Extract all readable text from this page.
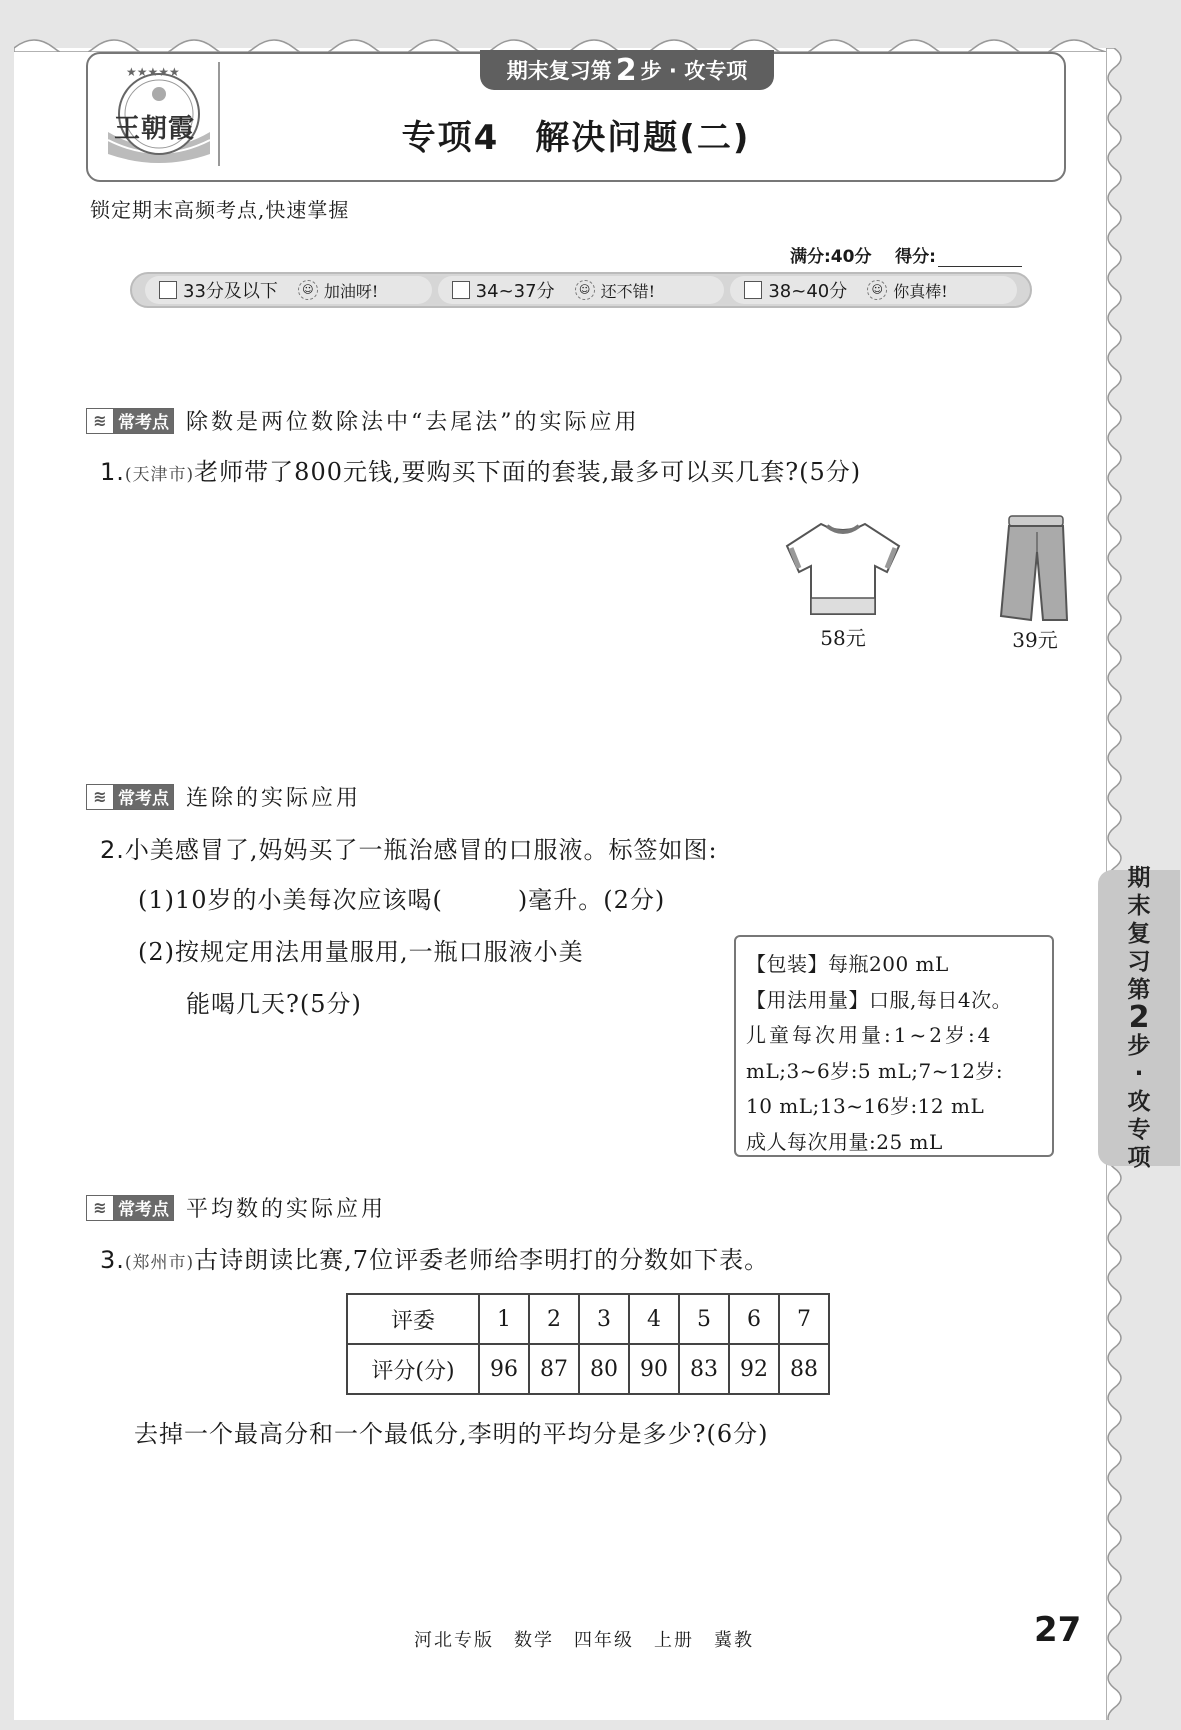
★★★★★
王朝霞
期末复习第 2 步 · 攻专项
专项4　解决问题(二)
锁定期末高频考点,快速掌握
满分:40分 得分:
33分及以下	☺ 加油呀!	34~37分	☺ 还不错!	38~40分	☺ 你真棒!
≋ 常考点 除数是两位数除法中“去尾法”的实际应用
1.(天津市)老师带了800元钱,要购买下面的套装,最多可以买几套?(5分)
58元	39元
≋ 常考点 连除的实际应用
2.小美感冒了,妈妈买了一瓶治感冒的口服液。标签如图:
(1)10岁的小美每次应该喝(　　　)毫升。(2分)
(2)按规定用法用量服用,一瓶口服液小美
能喝几天?(5分)
【包装】每瓶200 mL
【用法用量】口服,每日4次。
儿童每次用量:1~2岁:4
mL;3~6岁:5 mL;7~12岁:
10 mL;13~16岁:12 mL
成人每次用量:25 mL
≋ 常考点 平均数的实际应用
3.(郑州市)古诗朗读比赛,7位评委老师给李明打的分数如下表。
评委	1	2	3	4	5	6	7
评分(分)	96	87	80	90	83	92	88
去掉一个最高分和一个最低分,李明的平均分是多少?(6分)
期
末
复
习
第
2
步
·
攻
专
项
河北专版　数学　四年级　上册　冀教	27
